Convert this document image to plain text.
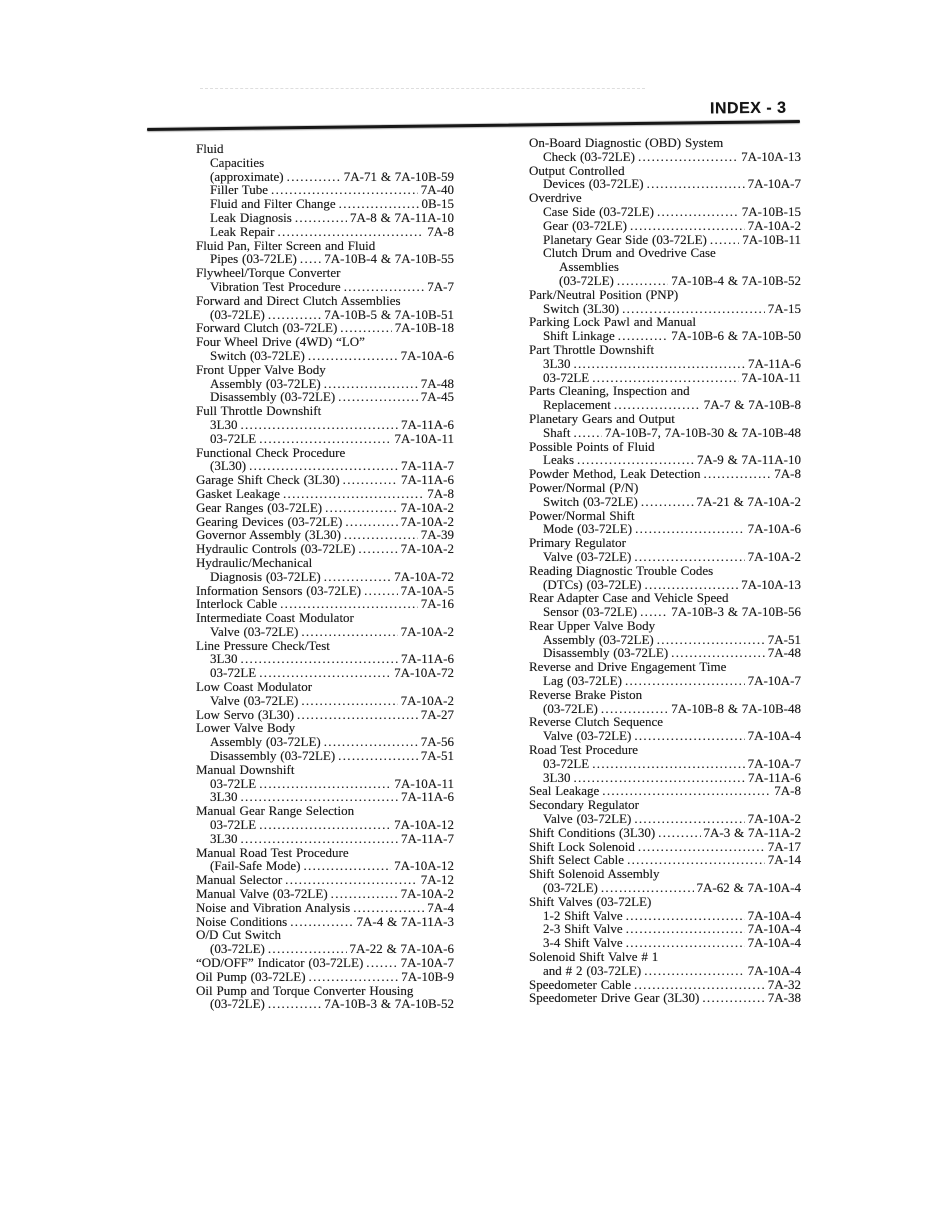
INDEX - 3
Fluid
Capacities
(approximate) .....	7A-71 & 7A-10B-59
Filler Tube .....	7A-40
Fluid and Filter Change .....	0B-15
Leak Diagnosis .....	7A-8 & 7A-11A-10
Leak Repair .....	7A-8
Fluid Pan, Filter Screen and Fluid
Pipes (03-72LE) ..... 7A-10B-4 & 7A-10B-55
Flywheel/Torque Converter
Vibration Test Procedure .....	7A-7
Forward and Direct Clutch Assemblies
(03-72LE) .....	7A-10B-5 & 7A-10B-51
Forward Clutch (03-72LE) .....	7A-10B-18
Four Wheel Drive (4WD) “LO”
Switch (03-72LE) .....	7A-10A-6
Front Upper Valve Body
Assembly (03-72LE) .....	7A-48
Disassembly (03-72LE) .....	7A-45
Full Throttle Downshift
3L30 .....	7A-11A-6
03-72LE .....	7A-10A-11
Functional Check Procedure
(3L30) .....	7A-11A-7
Garage Shift Check (3L30) .....	7A-11A-6
Gasket Leakage .....	7A-8
Gear Ranges (03-72LE) .....	7A-10A-2
Gearing Devices (03-72LE) .....	7A-10A-2
Governor Assembly (3L30) .....	7A-39
Hydraulic Controls (03-72LE) .....	7A-10A-2
Hydraulic/Mechanical
Diagnosis (03-72LE) .....	7A-10A-72
Information Sensors (03-72LE) .....	7A-10A-5
Interlock Cable .....	7A-16
Intermediate Coast Modulator
Valve (03-72LE) .....	7A-10A-2
Line Pressure Check/Test
3L30 .....	7A-11A-6
03-72LE .....	7A-10A-72
Low Coast Modulator
Valve (03-72LE) .....	7A-10A-2
Low Servo (3L30) .....	7A-27
Lower Valve Body
Assembly (03-72LE) .....	7A-56
Disassembly (03-72LE) .....	7A-51
Manual Downshift
03-72LE .....	7A-10A-11
3L30 .....	7A-11A-6
Manual Gear Range Selection
03-72LE .....	7A-10A-12
3L30 .....	7A-11A-7
Manual Road Test Procedure
(Fail-Safe Mode) .....	7A-10A-12
Manual Selector .....	7A-12
Manual Valve (03-72LE) .....	7A-10A-2
Noise and Vibration Analysis .....	7A-4
Noise Conditions .....	7A-4 & 7A-11A-3
O/D Cut Switch
(03-72LE) .....	7A-22 & 7A-10A-6
“OD/OFF” Indicator (03-72LE) .....	7A-10A-7
Oil Pump (03-72LE) .....	7A-10B-9
Oil Pump and Torque Converter Housing
(03-72LE) .....	7A-10B-3 & 7A-10B-52
On-Board Diagnostic (OBD) System
Check (03-72LE) .....	7A-10A-13
Output Controlled
Devices (03-72LE) .....	7A-10A-7
Overdrive
Case Side (03-72LE) .....	7A-10B-15
Gear (03-72LE) .....	7A-10A-2
Planetary Gear Side (03-72LE) .....	7A-10B-11
Clutch Drum and Ovedrive Case
Assemblies
(03-72LE) .....	7A-10B-4 & 7A-10B-52
Park/Neutral Position (PNP)
Switch (3L30) .....	7A-15
Parking Lock Pawl and Manual
Shift Linkage .....	7A-10B-6 & 7A-10B-50
Part Throttle Downshift
3L30 .....	7A-11A-6
03-72LE .....	7A-10A-11
Parts Cleaning, Inspection and
Replacement .....	7A-7 & 7A-10B-8
Planetary Gears and Output
Shaft .....	7A-10B-7, 7A-10B-30 & 7A-10B-48
Possible Points of Fluid
Leaks .....	7A-9 & 7A-11A-10
Powder Method, Leak Detection .....	7A-8
Power/Normal (P/N)
Switch (03-72LE) .....	7A-21 & 7A-10A-2
Power/Normal Shift
Mode (03-72LE) .....	7A-10A-6
Primary Regulator
Valve (03-72LE) .....	7A-10A-2
Reading Diagnostic Trouble Codes
(DTCs) (03-72LE) .....	7A-10A-13
Rear Adapter Case and Vehicle Speed
Sensor (03-72LE) .....	7A-10B-3 & 7A-10B-56
Rear Upper Valve Body
Assembly (03-72LE) .....	7A-51
Disassembly (03-72LE) .....	7A-48
Reverse and Drive Engagement Time
Lag (03-72LE) .....	7A-10A-7
Reverse Brake Piston
(03-72LE) .....	7A-10B-8 & 7A-10B-48
Reverse Clutch Sequence
Valve (03-72LE) .....	7A-10A-4
Road Test Procedure
03-72LE .....	7A-10A-7
3L30 .....	7A-11A-6
Seal Leakage .....	7A-8
Secondary Regulator
Valve (03-72LE) .....	7A-10A-2
Shift Conditions (3L30) .....	7A-3 & 7A-11A-2
Shift Lock Solenoid .....	7A-17
Shift Select Cable .....	7A-14
Shift Solenoid Assembly
(03-72LE) .....	7A-62 & 7A-10A-4
Shift Valves (03-72LE)
1-2 Shift Valve .....	7A-10A-4
2-3 Shift Valve .....	7A-10A-4
3-4 Shift Valve .....	7A-10A-4
Solenoid Shift Valve # 1
and # 2 (03-72LE) .....	7A-10A-4
Speedometer Cable .....	7A-32
Speedometer Drive Gear (3L30) .....	7A-38
